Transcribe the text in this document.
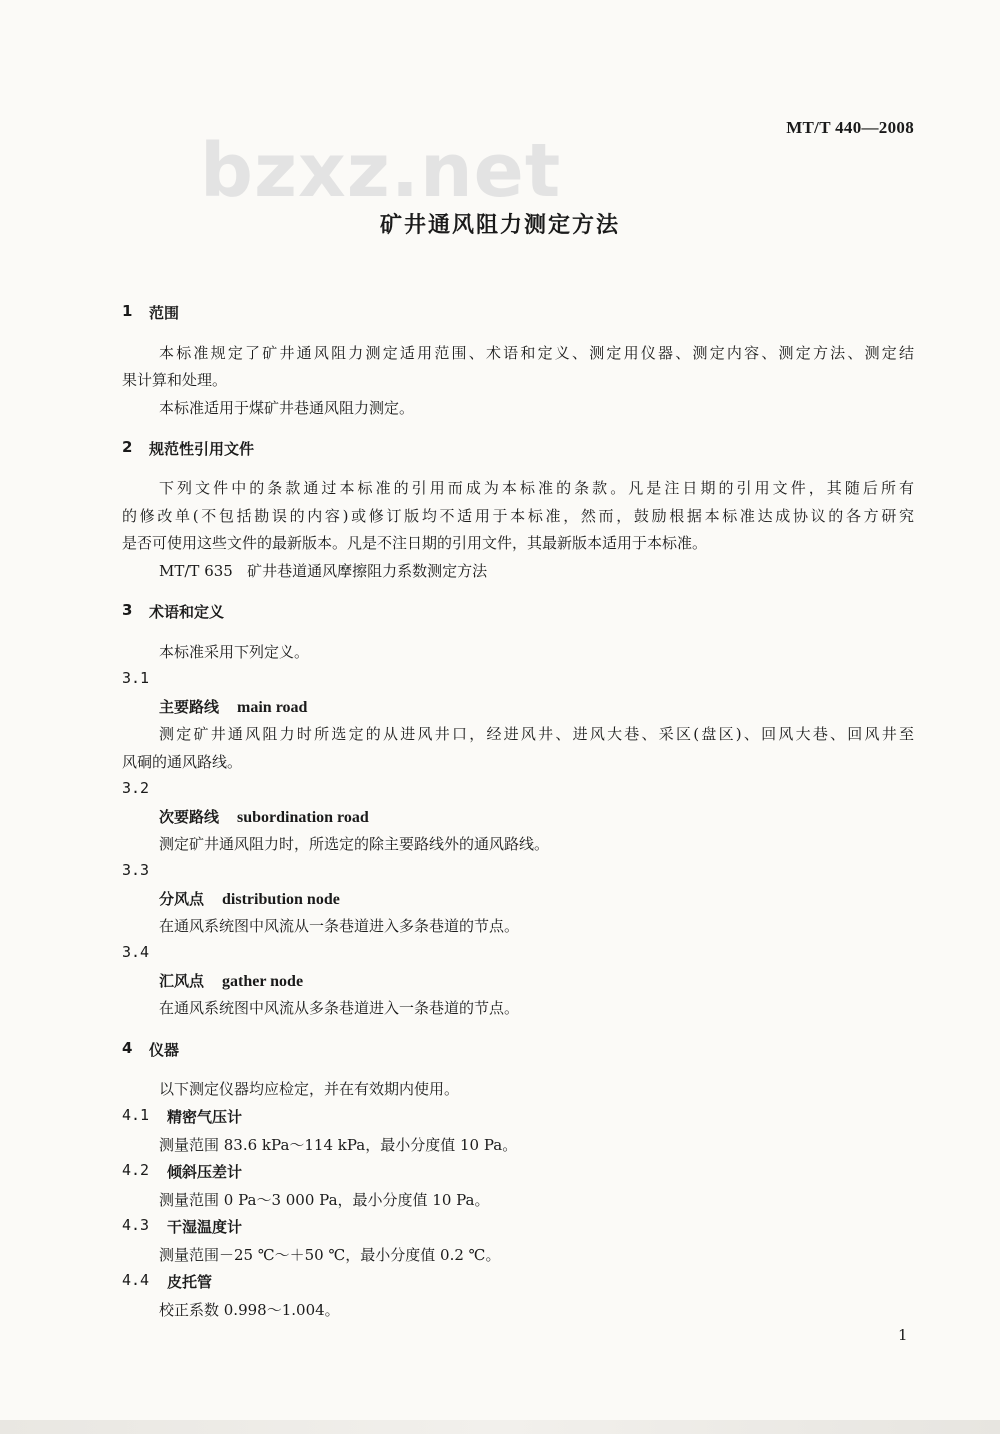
bzxz.net
MT/T 440—2008
矿井通风阻力测定方法
1 范围
本标准规定了矿井通风阻力测定适用范围、术语和定义、测定用仪器、测定内容、测定方法、测定结
果计算和处理。
本标准适用于煤矿井巷通风阻力测定。
2 规范性引用文件
下列文件中的条款通过本标准的引用而成为本标准的条款。凡是注日期的引用文件，其随后所有
的修改单(不包括勘误的内容)或修订版均不适用于本标准，然而，鼓励根据本标准达成协议的各方研究
是否可使用这些文件的最新版本。凡是不注日期的引用文件，其最新版本适用于本标准。
MT/T 635 矿井巷道通风摩擦阻力系数测定方法
3 术语和定义
本标准采用下列定义。
3.1
主要路线 main road
测定矿井通风阻力时所选定的从进风井口，经进风井、进风大巷、采区(盘区)、回风大巷、回风井至
风硐的通风路线。
3.2
次要路线 subordination road
测定矿井通风阻力时，所选定的除主要路线外的通风路线。
3.3
分风点 distribution node
在通风系统图中风流从一条巷道进入多条巷道的节点。
3.4
汇风点 gather node
在通风系统图中风流从多条巷道进入一条巷道的节点。
4 仪器
以下测定仪器均应检定，并在有效期内使用。
4.1 精密气压计
测量范围 83.6 kPa～114 kPa，最小分度值 10 Pa。
4.2 倾斜压差计
测量范围 0 Pa～3 000 Pa，最小分度值 10 Pa。
4.3 干湿温度计
测量范围－25 ℃～＋50 ℃，最小分度值 0.2 ℃。
4.4 皮托管
校正系数 0.998～1.004。
1
